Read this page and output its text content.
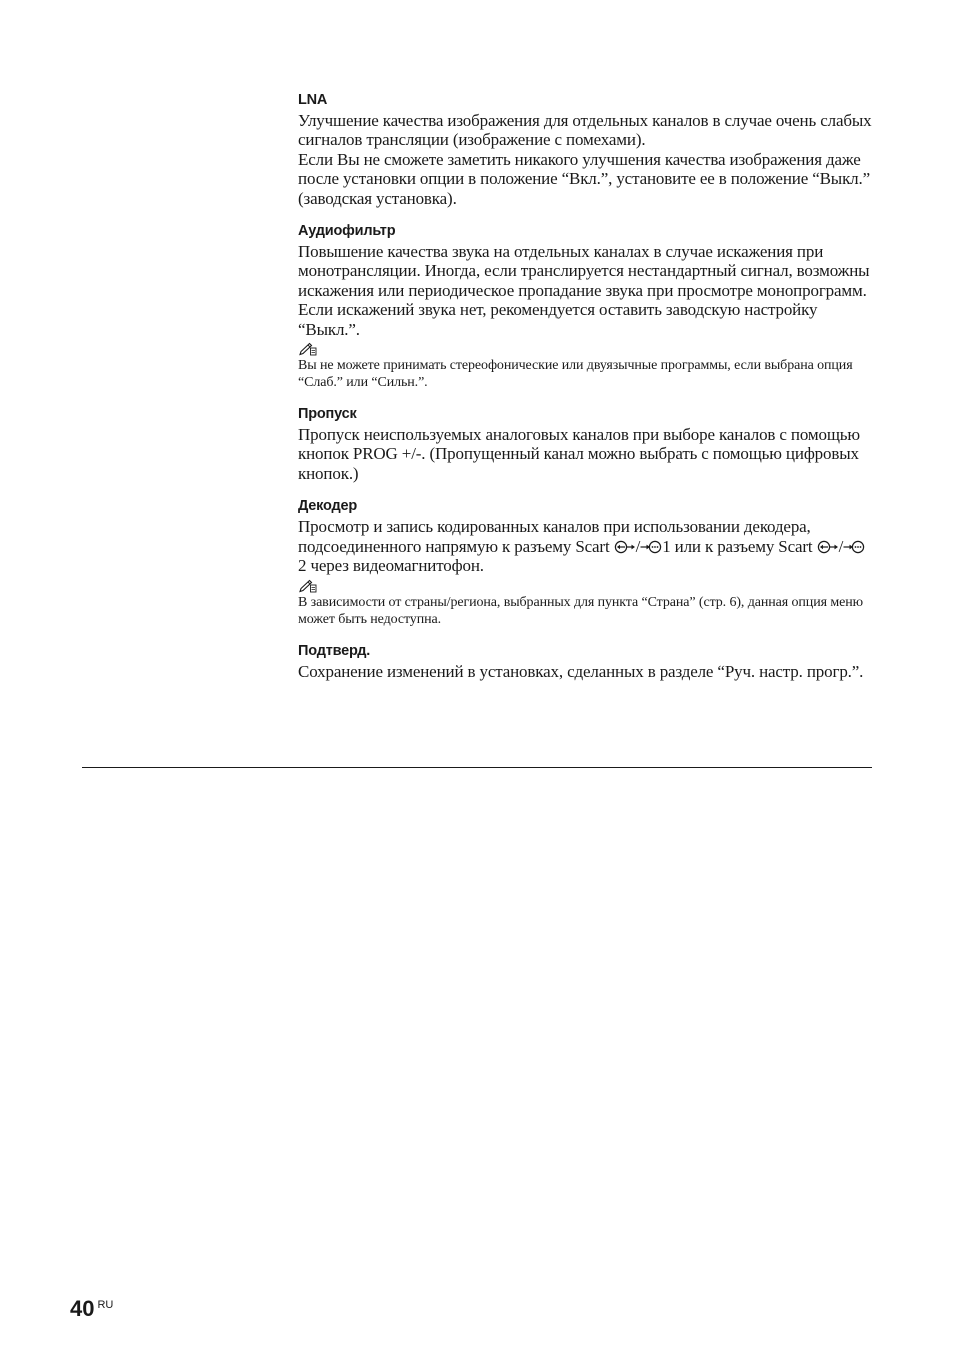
LNA

Улучшение качества изображения для отдельных каналов в случае очень слабых сигналов трансляции (изображение с помехами).

Если Вы не сможете заметить никакого улучшения качества изображения даже после установки опции в положение “Вкл.”, установите ее в положение “Выкл.” (заводская установка).

Аудиофильтр

Повышение качества звука на отдельных каналах в случае искажения при монотрансляции. Иногда, если транслируется нестандартный сигнал, возможны искажения или периодическое пропадание звука при просмотре монопрограмм.

Если искажений звука нет, рекомендуется оставить заводскую настройку “Выкл.”.

Вы не можете принимать стереофонические или двуязычные программы, если выбрана опция “Слаб.” или “Сильн.”.

Пропуск

Пропуск неиспользуемых аналоговых каналов при выборе каналов с помощью кнопок PROG +/-. (Пропущенный канал можно выбрать с помощью цифровых кнопок.)

Декодер

Просмотр и запись кодированных каналов при использовании декодера, подсоединенного напрямую к разъему Scart / 1 или к разъему Scart /2 через видеомагнитофон.

В зависимости от страны/региона, выбранных для пункта “Страна” (стр. 6), данная опция меню может быть недоступна.

Подтверд.

Сохранение изменений в установках, сделанных в разделе “Руч. настр. прогр.”.

40 $^{RU}$
